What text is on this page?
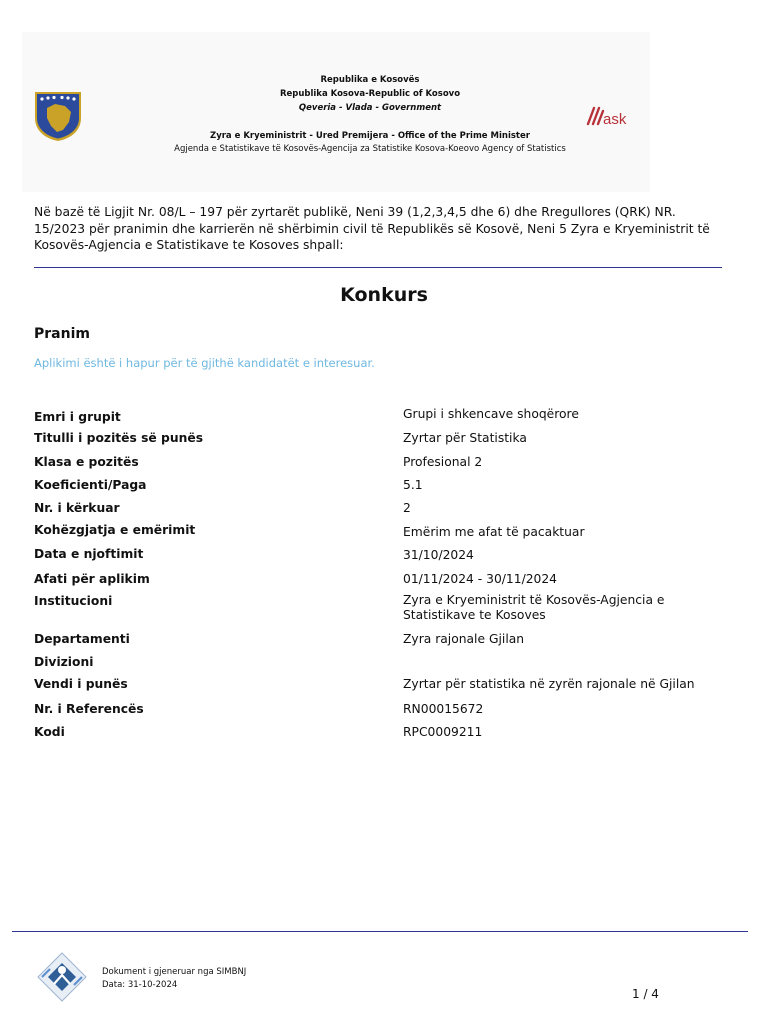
Republika e Kosovës
Republika Kosova-Republic of Kosovo
Qeveria - Vlada - Government
Zyra e Kryeministrit - Ured Premijera - Office of the Prime Minister
Agjenda e Statistikave të Kosovës-Agencija za Statistike Kosova-Koeovo Agency of Statistics
ask
Në bazë të Ligjit Nr. 08/L – 197 për zyrtarët publikë, Neni 39 (1,2,3,4,5 dhe 6) dhe Rregullores (QRK) NR. 15/2023 për pranimin dhe karrierën në shërbimin civil të Republikës së Kosovë, Neni 5 Zyra e Kryeministrit të Kosovës-Agjencia e Statistikave te Kosoves shpall:
Konkurs
Pranim
Aplikimi është i hapur për të gjithë kandidatët e interesuar.
Emri i grupit	Grupi i shkencave shoqërore
Titulli i pozitës së punës	Zyrtar për Statistika
Klasa e pozitës	Profesional 2
Koeficienti/Paga	5.1
Nr. i kërkuar	2
Kohëzgjatja e emërimit	Emërim me afat të pacaktuar
Data e njoftimit	31/10/2024
Afati për aplikim	01/11/2024 - 30/11/2024
Institucioni	Zyra e Kryeministrit të Kosovës-Agjencia e Statistikave te Kosoves
Departamenti	Zyra rajonale Gjilan
Divizioni
Vendi i punës	Zyrtar për statistika në zyrën rajonale në Gjilan
Nr. i Referencës	RN00015672
Kodi	RPC0009211
Dokument i gjeneruar nga SIMBNJ
Data: 31-10-2024
1 / 4
